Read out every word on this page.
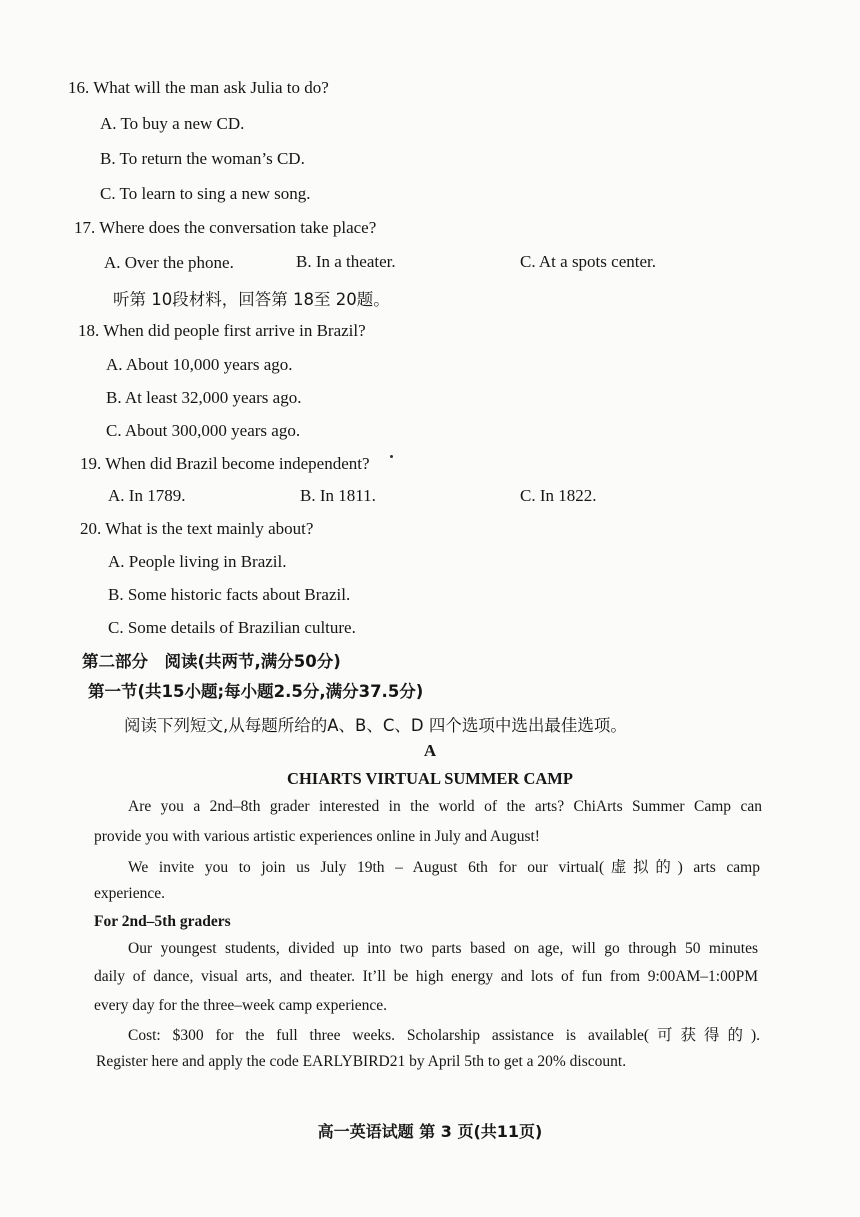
16. What will the man ask Julia to do?
A. To buy a new CD.
B. To return the woman’s CD.
C. To learn to sing a new song.
17. Where does the conversation take place?
A. Over the phone.	B. In a theater.	C. At a spots center.
听第 10段材料，回答第 18至 20题。
18. When did people first arrive in Brazil?
A. About 10,000 years ago.
B. At least 32,000 years ago.
C. About 300,000 years ago.
19. When did Brazil become independent?
A. In 1789.	B. In 1811.	C. In 1822.
20. What is the text mainly about?
A. People living in Brazil.
B. Some historic facts about Brazil.
C. Some details of Brazilian culture.
第二部分　阅读(共两节,满分50分)
第一节(共15小题;每小题2.5分,满分37.5分)
阅读下列短文,从每题所给的A、B、C、D 四个选项中选出最佳选项。
A
CHIARTS VIRTUAL SUMMER CAMP
Are you a 2nd–8th grader interested in the world of the arts? ChiArts Summer Camp can
provide you with various artistic experiences online in July and August!
We invite you to join us July 19th – August 6th for our virtual(虚拟的) arts camp
experience.
For 2nd–5th graders
Our youngest students, divided up into two parts based on age, will go through 50 minutes
daily of dance, visual arts, and theater. It’ll be high energy and lots of fun from 9:00AM–1:00PM
every day for the three–week camp experience.
Cost: $300 for the full three weeks. Scholarship assistance is available(可获得的).
Register here and apply the code EARLYBIRD21 by April 5th to get a 20% discount.
高一英语试题 第 3 页(共11页)
